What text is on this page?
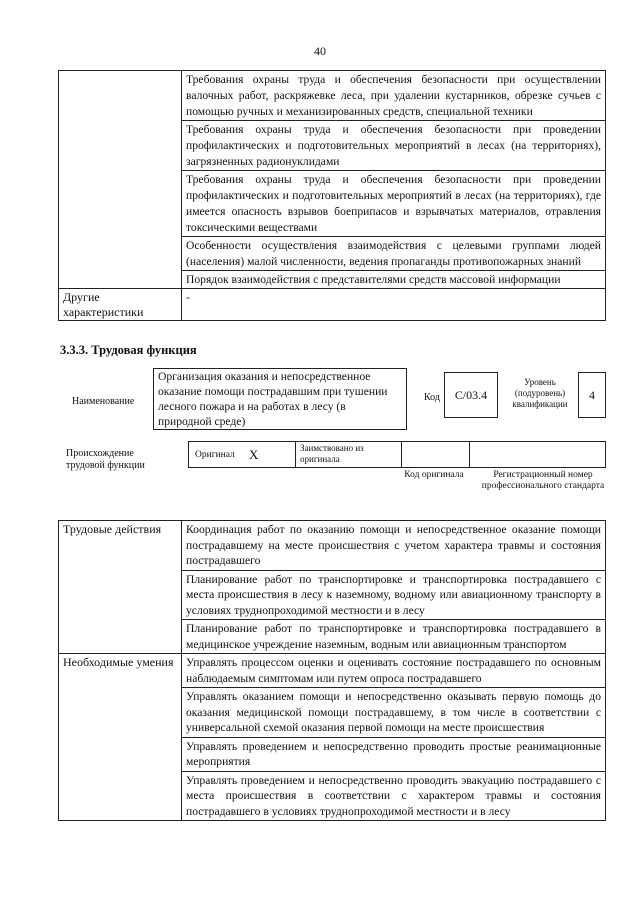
40
	Требования охраны труда и обеспечения безопасности при осуществлении валочных работ, раскряжевке леса, при удалении кустарников, обрезке сучьев с помощью ручных и механизированных средств, специальной техники
	Требования охраны труда и обеспечения безопасности при проведении профилактических и подготовительных мероприятий в лесах (на территориях), загрязненных радионуклидами
	Требования охраны труда и обеспечения безопасности при проведении профилактических и подготовительных мероприятий в лесах (на территориях), где имеется опасность взрывов боеприпасов и взрывчатых материалов, отравления токсическими веществами
	Особенности осуществления взаимодействия с целевыми группами людей (населения) малой численности, ведения пропаганды противопожарных знаний
	Порядок взаимодействия с представителями средств массовой информации
Другие характеристики	-
3.3.3. Трудовая функция
Наименование
Организация оказания и непосредственное оказание помощи пострадавшим при тушении лесного пожара и на работах в лесу (в природной среде)
Код	C/03.4
Уровень (подуровень) квалификации
4
Происхождение трудовой функции
Оригинал X	Заимствовано из оригинала
Код оригинала	Регистрационный номер профессионального стандарта
Трудовые действия	Координация работ по оказанию помощи и непосредственное оказание помощи пострадавшему на месте происшествия с учетом характера травмы и состояния пострадавшего
	Планирование работ по транспортировке и транспортировка пострадавшего с места происшествия в лесу к наземному, водному или авиационному транспорту в условиях труднопроходимой местности и в лесу
	Планирование работ по транспортировке и транспортировка пострадавшего в медицинское учреждение наземным, водным или авиационным транспортом
Необходимые умения	Управлять процессом оценки и оценивать состояние пострадавшего по основным наблюдаемым симптомам или путем опроса пострадавшего
	Управлять оказанием помощи и непосредственно оказывать первую помощь до оказания медицинской помощи пострадавшему, в том числе в соответствии с универсальной схемой оказания первой помощи на месте происшествия
	Управлять проведением и непосредственно проводить простые реанимационные мероприятия
	Управлять проведением и непосредственно проводить эвакуацию пострадавшего с места происшествия в соответствии с характером травмы и состояния пострадавшего в условиях труднопроходимой местности и в лесу
